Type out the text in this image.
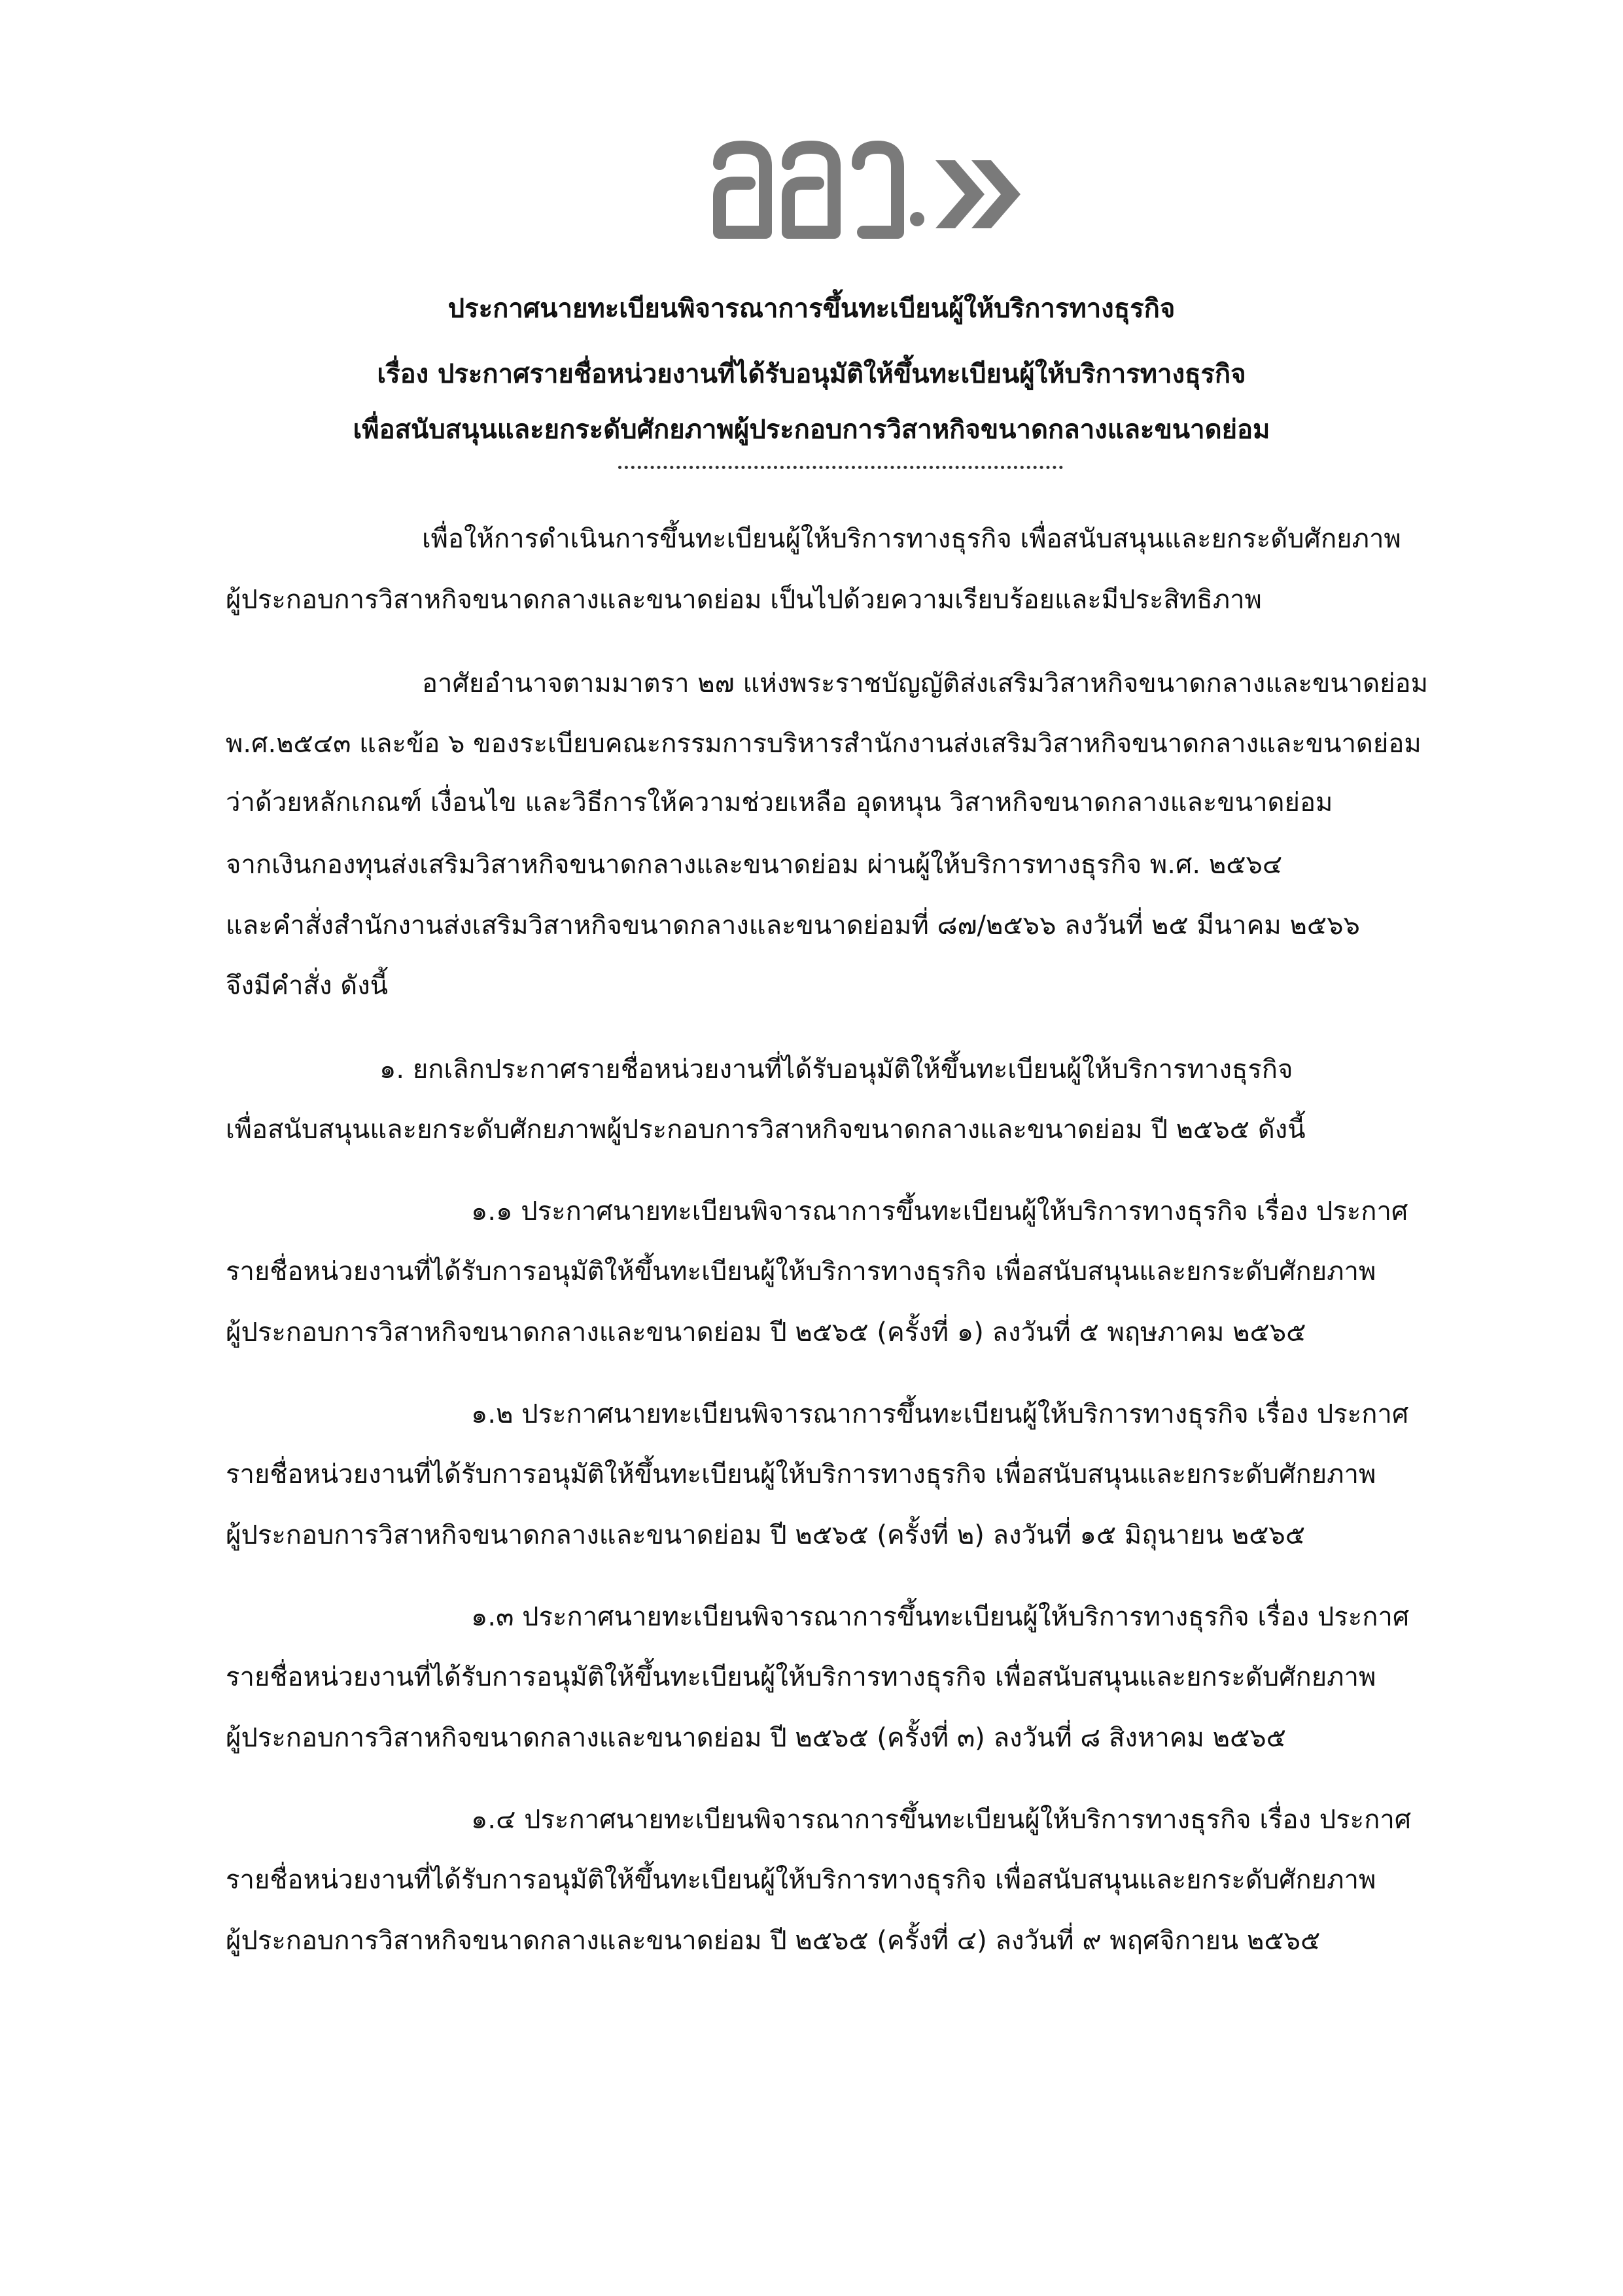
ประกาศนายทะเบียนพิจารณาการขึ้นทะเบียนผู้ให้บริการทางธุรกิจ
เรื่อง ประกาศรายชื่อหน่วยงานที่ได้รับอนุมัติให้ขึ้นทะเบียนผู้ให้บริการทางธุรกิจ
เพื่อสนับสนุนและยกระดับศักยภาพผู้ประกอบการวิสาหกิจขนาดกลางและขนาดย่อม
เพื่อให้การดำเนินการขึ้นทะเบียนผู้ให้บริการทางธุรกิจ เพื่อสนับสนุนและยกระดับศักยภาพ
ผู้ประกอบการวิสาหกิจขนาดกลางและขนาดย่อม เป็นไปด้วยความเรียบร้อยและมีประสิทธิภาพ
อาศัยอำนาจตามมาตรา ๒๗ แห่งพระราชบัญญัติส่งเสริมวิสาหกิจขนาดกลางและขนาดย่อม
พ.ศ.๒๕๔๓ และข้อ ๖ ของระเบียบคณะกรรมการบริหารสำนักงานส่งเสริมวิสาหกิจขนาดกลางและขนาดย่อม
ว่าด้วยหลักเกณฑ์ เงื่อนไข และวิธีการให้ความช่วยเหลือ อุดหนุน วิสาหกิจขนาดกลางและขนาดย่อม
จากเงินกองทุนส่งเสริมวิสาหกิจขนาดกลางและขนาดย่อม ผ่านผู้ให้บริการทางธุรกิจ พ.ศ. ๒๕๖๔
และคำสั่งสำนักงานส่งเสริมวิสาหกิจขนาดกลางและขนาดย่อมที่ ๘๗/๒๕๖๖ ลงวันที่ ๒๕ มีนาคม ๒๕๖๖
จึงมีคำสั่ง ดังนี้
๑. ยกเลิกประกาศรายชื่อหน่วยงานที่ได้รับอนุมัติให้ขึ้นทะเบียนผู้ให้บริการทางธุรกิจ
เพื่อสนับสนุนและยกระดับศักยภาพผู้ประกอบการวิสาหกิจขนาดกลางและขนาดย่อม ปี ๒๕๖๕ ดังนี้
๑.๑ ประกาศนายทะเบียนพิจารณาการขึ้นทะเบียนผู้ให้บริการทางธุรกิจ เรื่อง ประกาศ
รายชื่อหน่วยงานที่ได้รับการอนุมัติให้ขึ้นทะเบียนผู้ให้บริการทางธุรกิจ เพื่อสนับสนุนและยกระดับศักยภาพ
ผู้ประกอบการวิสาหกิจขนาดกลางและขนาดย่อม ปี ๒๕๖๕ (ครั้งที่ ๑) ลงวันที่ ๕ พฤษภาคม ๒๕๖๕
๑.๒ ประกาศนายทะเบียนพิจารณาการขึ้นทะเบียนผู้ให้บริการทางธุรกิจ เรื่อง ประกาศ
รายชื่อหน่วยงานที่ได้รับการอนุมัติให้ขึ้นทะเบียนผู้ให้บริการทางธุรกิจ เพื่อสนับสนุนและยกระดับศักยภาพ
ผู้ประกอบการวิสาหกิจขนาดกลางและขนาดย่อม ปี ๒๕๖๕ (ครั้งที่ ๒) ลงวันที่ ๑๕ มิถุนายน ๒๕๖๕
๑.๓ ประกาศนายทะเบียนพิจารณาการขึ้นทะเบียนผู้ให้บริการทางธุรกิจ เรื่อง ประกาศ
รายชื่อหน่วยงานที่ได้รับการอนุมัติให้ขึ้นทะเบียนผู้ให้บริการทางธุรกิจ เพื่อสนับสนุนและยกระดับศักยภาพ
ผู้ประกอบการวิสาหกิจขนาดกลางและขนาดย่อม ปี ๒๕๖๕ (ครั้งที่ ๓) ลงวันที่ ๘ สิงหาคม ๒๕๖๕
๑.๔ ประกาศนายทะเบียนพิจารณาการขึ้นทะเบียนผู้ให้บริการทางธุรกิจ เรื่อง ประกาศ
รายชื่อหน่วยงานที่ได้รับการอนุมัติให้ขึ้นทะเบียนผู้ให้บริการทางธุรกิจ เพื่อสนับสนุนและยกระดับศักยภาพ
ผู้ประกอบการวิสาหกิจขนาดกลางและขนาดย่อม ปี ๒๕๖๕ (ครั้งที่ ๔) ลงวันที่ ๙ พฤศจิกายน ๒๕๖๕
